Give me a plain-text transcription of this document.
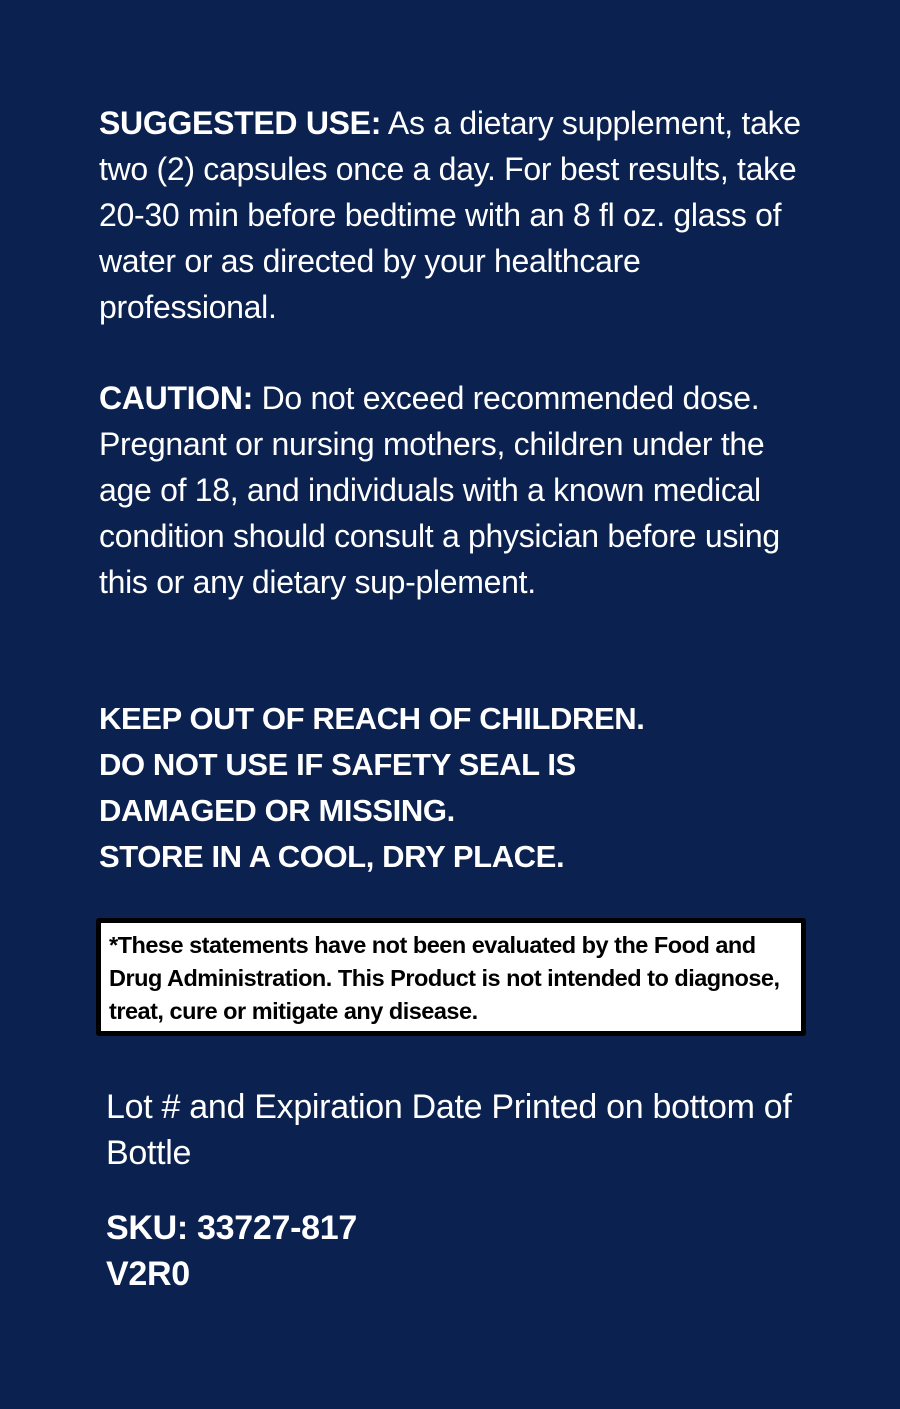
SUGGESTED USE: As a dietary supplement, take two (2) capsules once a day. For best results, take 20-30 min before bedtime with an 8 fl oz. glass of water or as directed by your healthcare professional.
CAUTION: Do not exceed recommended dose. Pregnant or nursing mothers, children under the age of 18, and individuals with a known medical condition should consult a physician before using this or any dietary sup-plement.
KEEP OUT OF REACH OF CHILDREN.
DO NOT USE IF SAFETY SEAL IS
DAMAGED OR MISSING.
STORE IN A COOL, DRY PLACE.

*These statements have not been evaluated by the Food and Drug Administration. This Product is not intended to diagnose, treat, cure or mitigate any disease.

Lot # and Expiration Date Printed on bottom of Bottle
SKU: 33727-817
V2R0
